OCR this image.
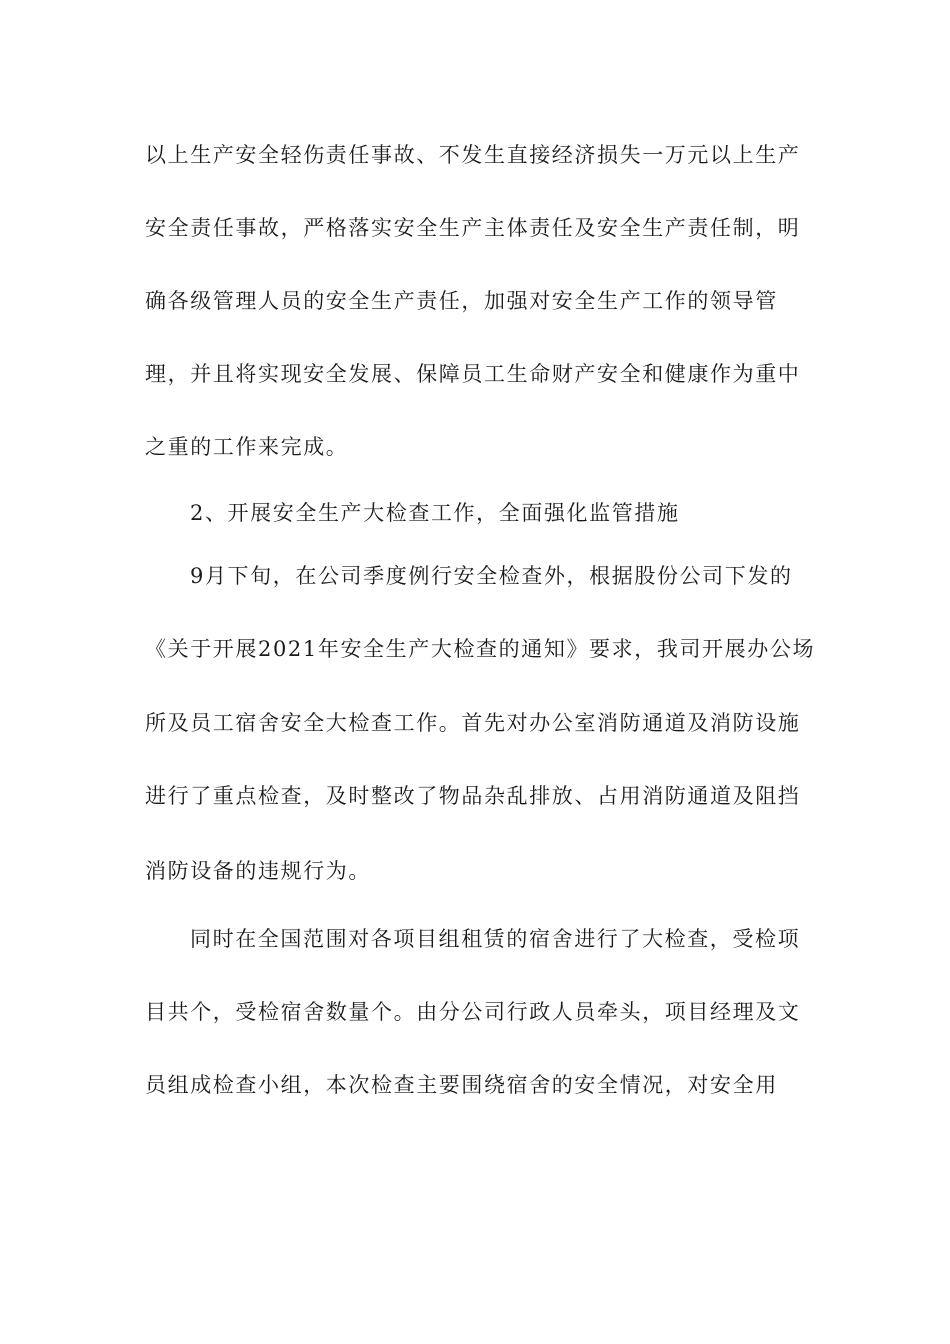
以上生产安全轻伤责任事故、不发生直接经济损失一万元以上生产
安全责任事故，严格落实安全生产主体责任及安全生产责任制，明
确各级管理人员的安全生产责任，加强对安全生产工作的领导管
理，并且将实现安全发展、保障员工生命财产安全和健康作为重中
之重的工作来完成。
2、开展安全生产大检查工作，全面强化监管措施
9月下旬，在公司季度例行安全检查外，根据股份公司下发的
《关于开展2021年安全生产大检查的通知》要求，我司开展办公场
所及员工宿舍安全大检查工作。首先对办公室消防通道及消防设施
进行了重点检查，及时整改了物品杂乱排放、占用消防通道及阻挡
消防设备的违规行为。
同时在全国范围对各项目组租赁的宿舍进行了大检查，受检项
目共个，受检宿舍数量个。由分公司行政人员牵头，项目经理及文
员组成检查小组，本次检查主要围绕宿舍的安全情况，对安全用
